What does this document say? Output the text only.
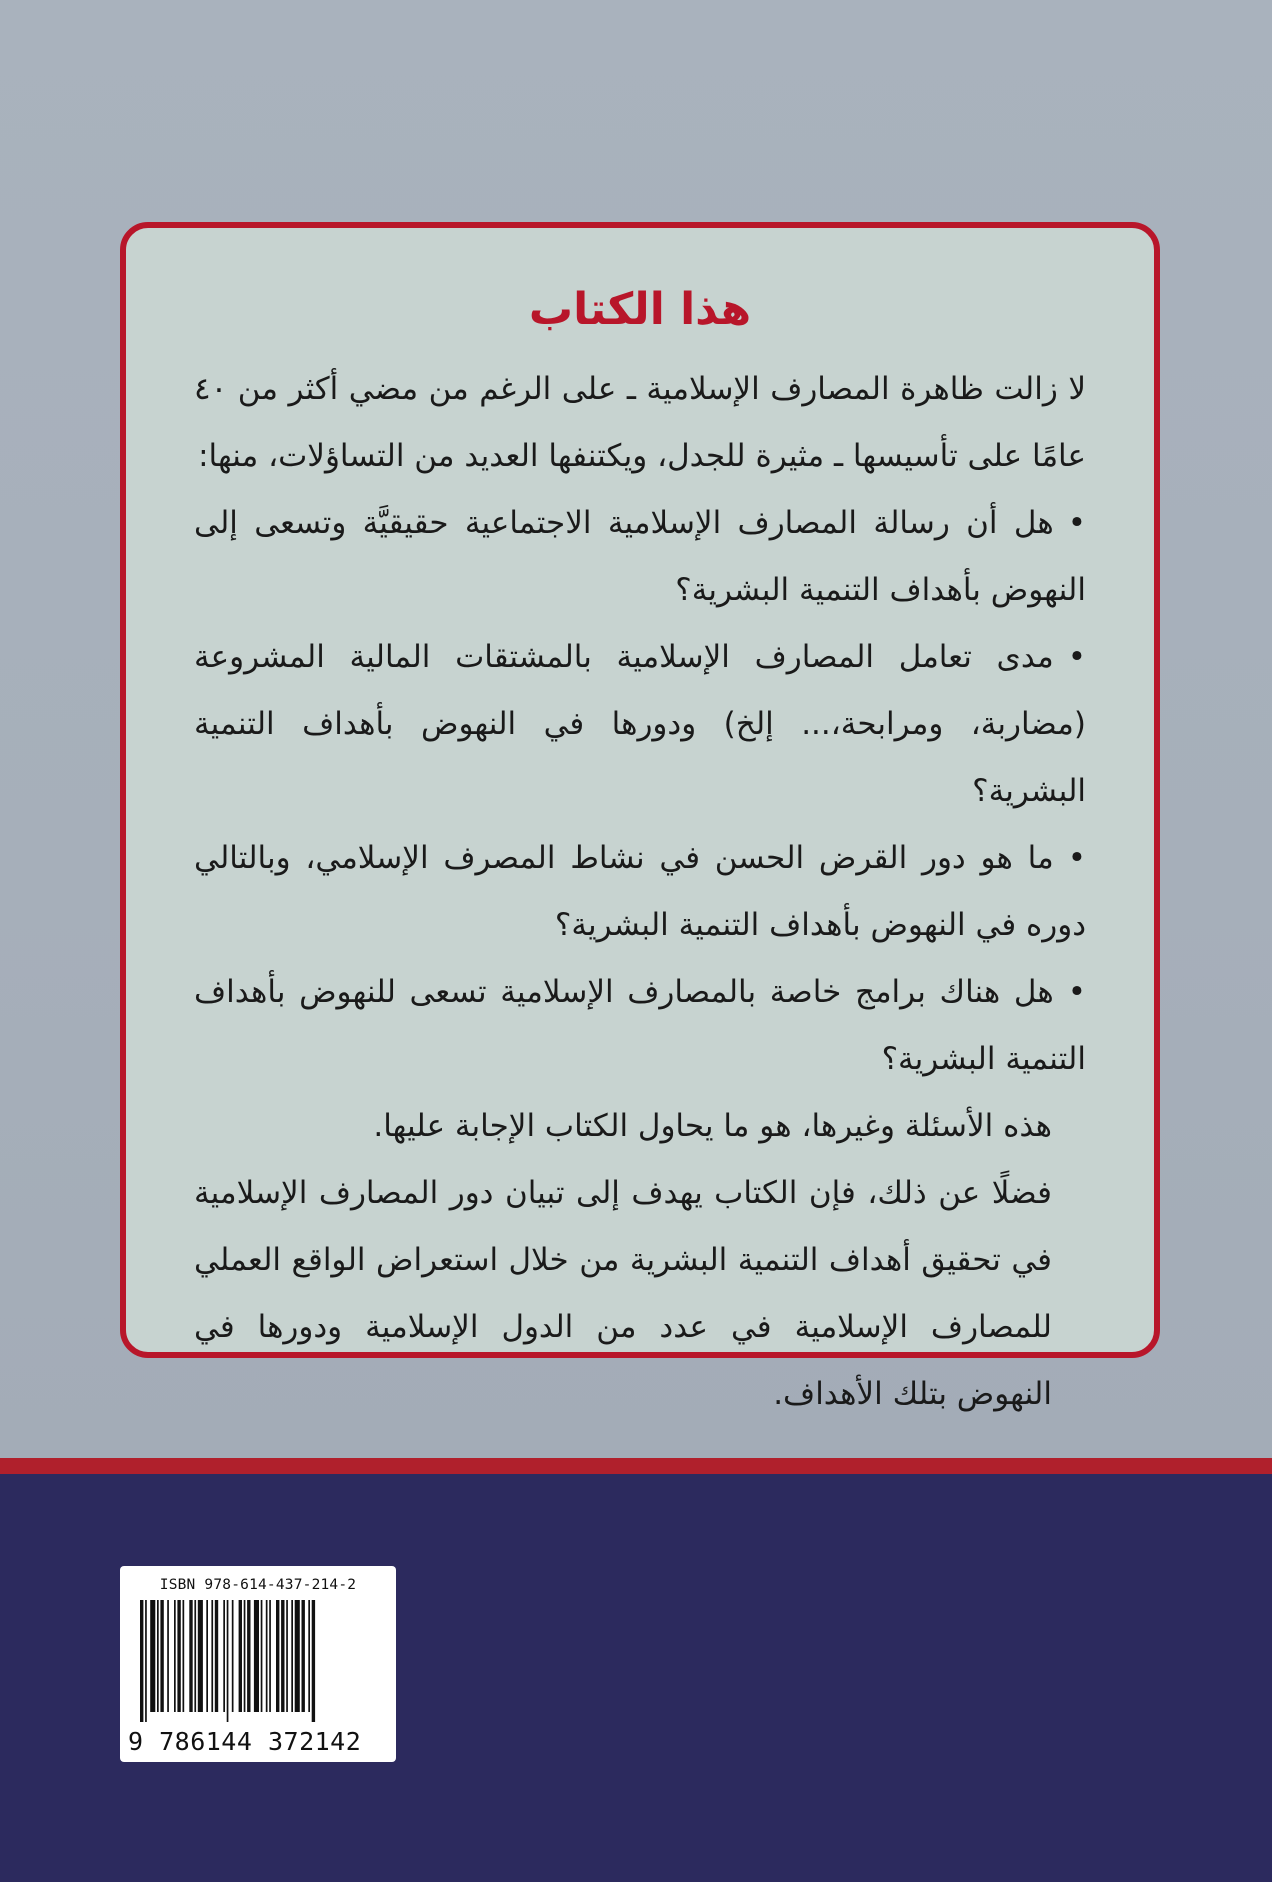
هذا الكتاب

لا زالت ظاهرة المصارف الإسلامية ـ على الرغم من مضي أكثر من ٤٠ عامًا على تأسيسها ـ مثيرة للجدل، ويكتنفها العديد من التساؤلات، منها:

•هل أن رسالة المصارف الإسلامية الاجتماعية حقيقيَّة وتسعى إلى النهوض بأهداف التنمية البشرية؟
•مدى تعامل المصارف الإسلامية بالمشتقات المالية المشروعة (مضاربة، ومرابحة،... إلخ) ودورها في النهوض بأهداف التنمية البشرية؟
•ما هو دور القرض الحسن في نشاط المصرف الإسلامي، وبالتالي دوره في النهوض بأهداف التنمية البشرية؟
•هل هناك برامج خاصة بالمصارف الإسلامية تسعى للنهوض بأهداف التنمية البشرية؟

هذه الأسئلة وغيرها، هو ما يحاول الكتاب الإجابة عليها.

فضلًا عن ذلك، فإن الكتاب يهدف إلى تبيان دور المصارف الإسلامية في تحقيق أهداف التنمية البشرية من خلال استعراض الواقع العملي للمصارف الإسلامية في عدد من الدول الإسلامية ودورها في النهوض بتلك الأهداف.

ISBN 978-614-437-214-2
9 786144 372142
